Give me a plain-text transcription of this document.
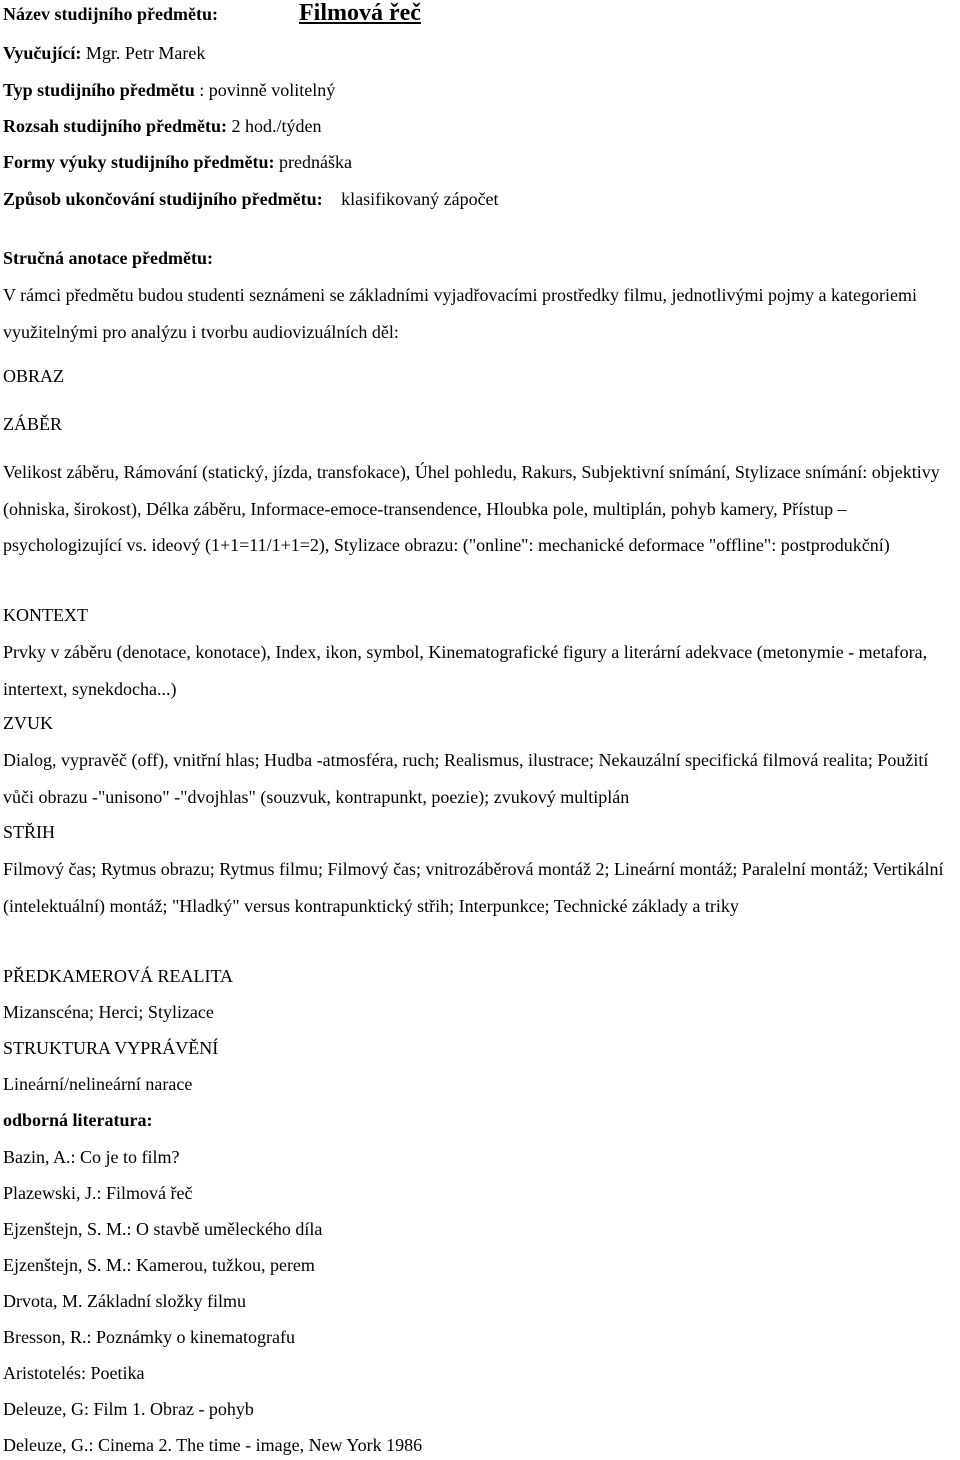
Název studijního předmětu:	Filmová řeč
Vyučující: Mgr. Petr Marek
Typ studijního předmětu : povinně volitelný
Rozsah studijního předmětu: 2 hod./týden
Formy výuky studijního předmětu: prednáška
Způsob ukončování studijního předmětu: klasifikovaný zápočet
Stručná anotace předmětu:
V rámci předmětu budou studenti seznámeni se základními vyjadřovacími prostředky filmu, jednotlivými pojmy a kategoriemi využitelnými pro analýzu i tvorbu audiovizuálních děl:
OBRAZ
ZÁBĚR
Velikost záběru, Rámování (statický, jízda, transfokace), Úhel pohledu, Rakurs, Subjektivní snímání, Stylizace snímání: objektivy (ohniska, širokost), Délka záběru, Informace-emoce-transendence, Hloubka pole, multiplán, pohyb kamery, Přístup –psychologizující vs. ideový (1+1=11/1+1=2), Stylizace obrazu: ("online": mechanické deformace "offline": postprodukční)
KONTEXT
Prvky v záběru (denotace, konotace), Index, ikon, symbol, Kinematografické figury a literární adekvace (metonymie - metafora, intertext, synekdocha...)
ZVUK
Dialog, vypravěč (off), vnitřní hlas; Hudba -atmosféra, ruch; Realismus, ilustrace; Nekauzální specifická filmová realita; Použití vůči obrazu -"unisono" -"dvojhlas" (souzvuk, kontrapunkt, poezie); zvukový multiplán
STŘIH
Filmový čas; Rytmus obrazu; Rytmus filmu; Filmový čas; vnitrozáběrová montáž 2; Lineární montáž; Paralelní montáž; Vertikální (intelektuální) montáž; "Hladký" versus kontrapunktický střih; Interpunkce; Technické základy a triky
PŘEDKAMEROVÁ REALITA
Mizanscéna; Herci; Stylizace
STRUKTURA VYPRÁVĚNÍ
Lineární/nelineární narace
odborná literatura:
Bazin, A.: Co je to film?
Plazewski, J.: Filmová řeč
Ejzenštejn, S. M.: O stavbě uměleckého díla
Ejzenštejn, S. M.: Kamerou, tužkou, perem
Drvota, M. Základní složky filmu
Bresson, R.: Poznámky o kinematografu
Aristotelés: Poetika
Deleuze, G: Film 1. Obraz - pohyb
Deleuze, G.: Cinema 2. The time - image, New York 1986
